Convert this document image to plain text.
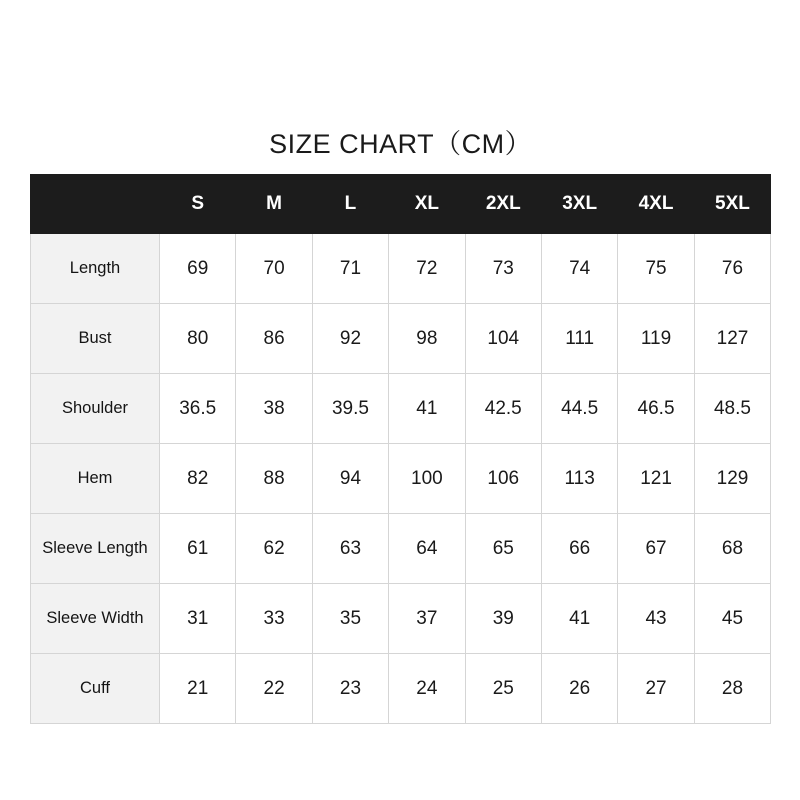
SIZE CHART（CM）								
	S	M	L	XL	2XL	3XL	4XL	5XL
Length	69	70	71	72	73	74	75	76
Bust	80	86	92	98	104	111	119	127
Shoulder	36.5	38	39.5	41	42.5	44.5	46.5	48.5
Hem	82	88	94	100	106	113	121	129
Sleeve Length	61	62	63	64	65	66	67	68
Sleeve Width	31	33	35	37	39	41	43	45
Cuff	21	22	23	24	25	26	27	28
